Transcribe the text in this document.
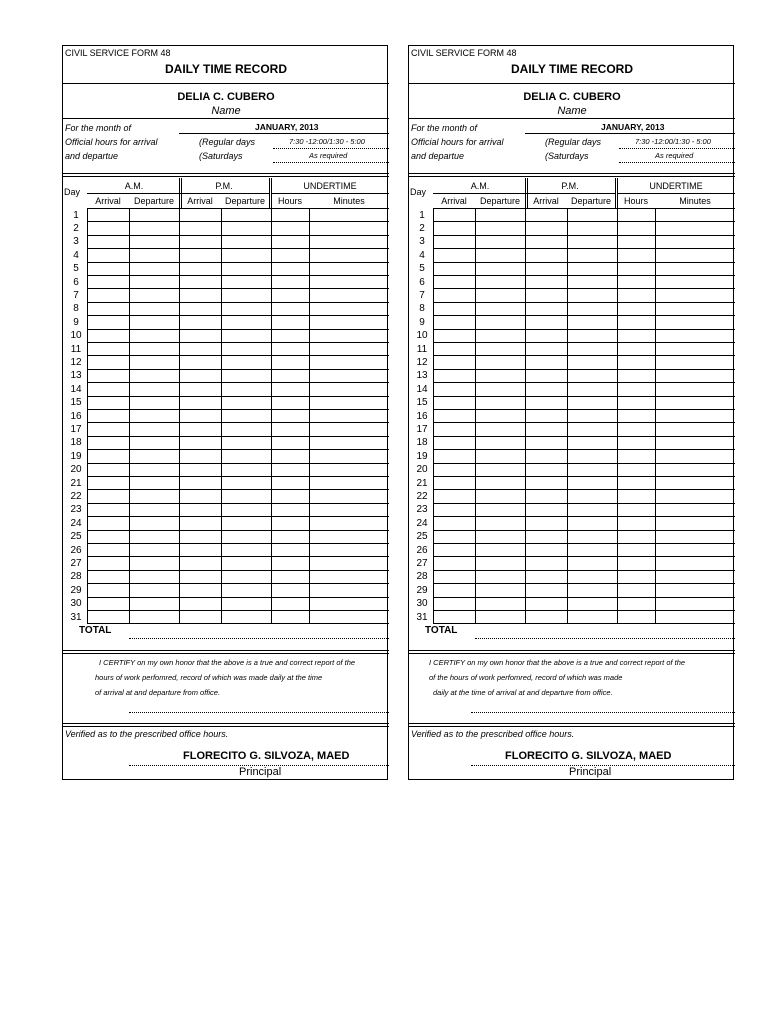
CIVIL SERVICE FORM 48
DAILY TIME RECORD
DELIA C. CUBERO
Name
For the month of	JANUARY, 2013
Official hours for arrival	(Regular days	7:30 -12:00/1:30 - 5:00
and departue	(Saturdays	As required
Day
A.M.	P.M.	UNDERTIME
Arrival	Departure	Arrival	Departure	Hours	Minutes
1
2
3
4
5
6
7
8
9
10
11
12
13
14
15
16
17
18
19
20
21
22
23
24
25
26
27
28
29
30
31
TOTAL
I CERTIFY on my own honor that the above is a true and correct report of the
hours of work perfomred, record of which was made daily at the time
of arrival at and departure from office.
Verified as to the prescribed office hours.
FLORECITO G. SILVOZA, MAED
Principal
CIVIL SERVICE FORM 48
DAILY TIME RECORD
DELIA C. CUBERO
Name
For the month of	JANUARY, 2013
Official hours for arrival	(Regular days	7:30 -12:00/1:30 - 5:00
and departue	(Saturdays	As required
Day
A.M.	P.M.	UNDERTIME
Arrival	Departure	Arrival	Departure	Hours	Minutes
1
2
3
4
5
6
7
8
9
10
11
12
13
14
15
16
17
18
19
20
21
22
23
24
25
26
27
28
29
30
31
TOTAL
I CERTIFY on my own honor that the above is a true and correct report of the
of the hours of work perfomred, record of which was made
daily at the time of arrival at and departure from office.
Verified as to the prescribed office hours.
FLORECITO G. SILVOZA, MAED
Principal
